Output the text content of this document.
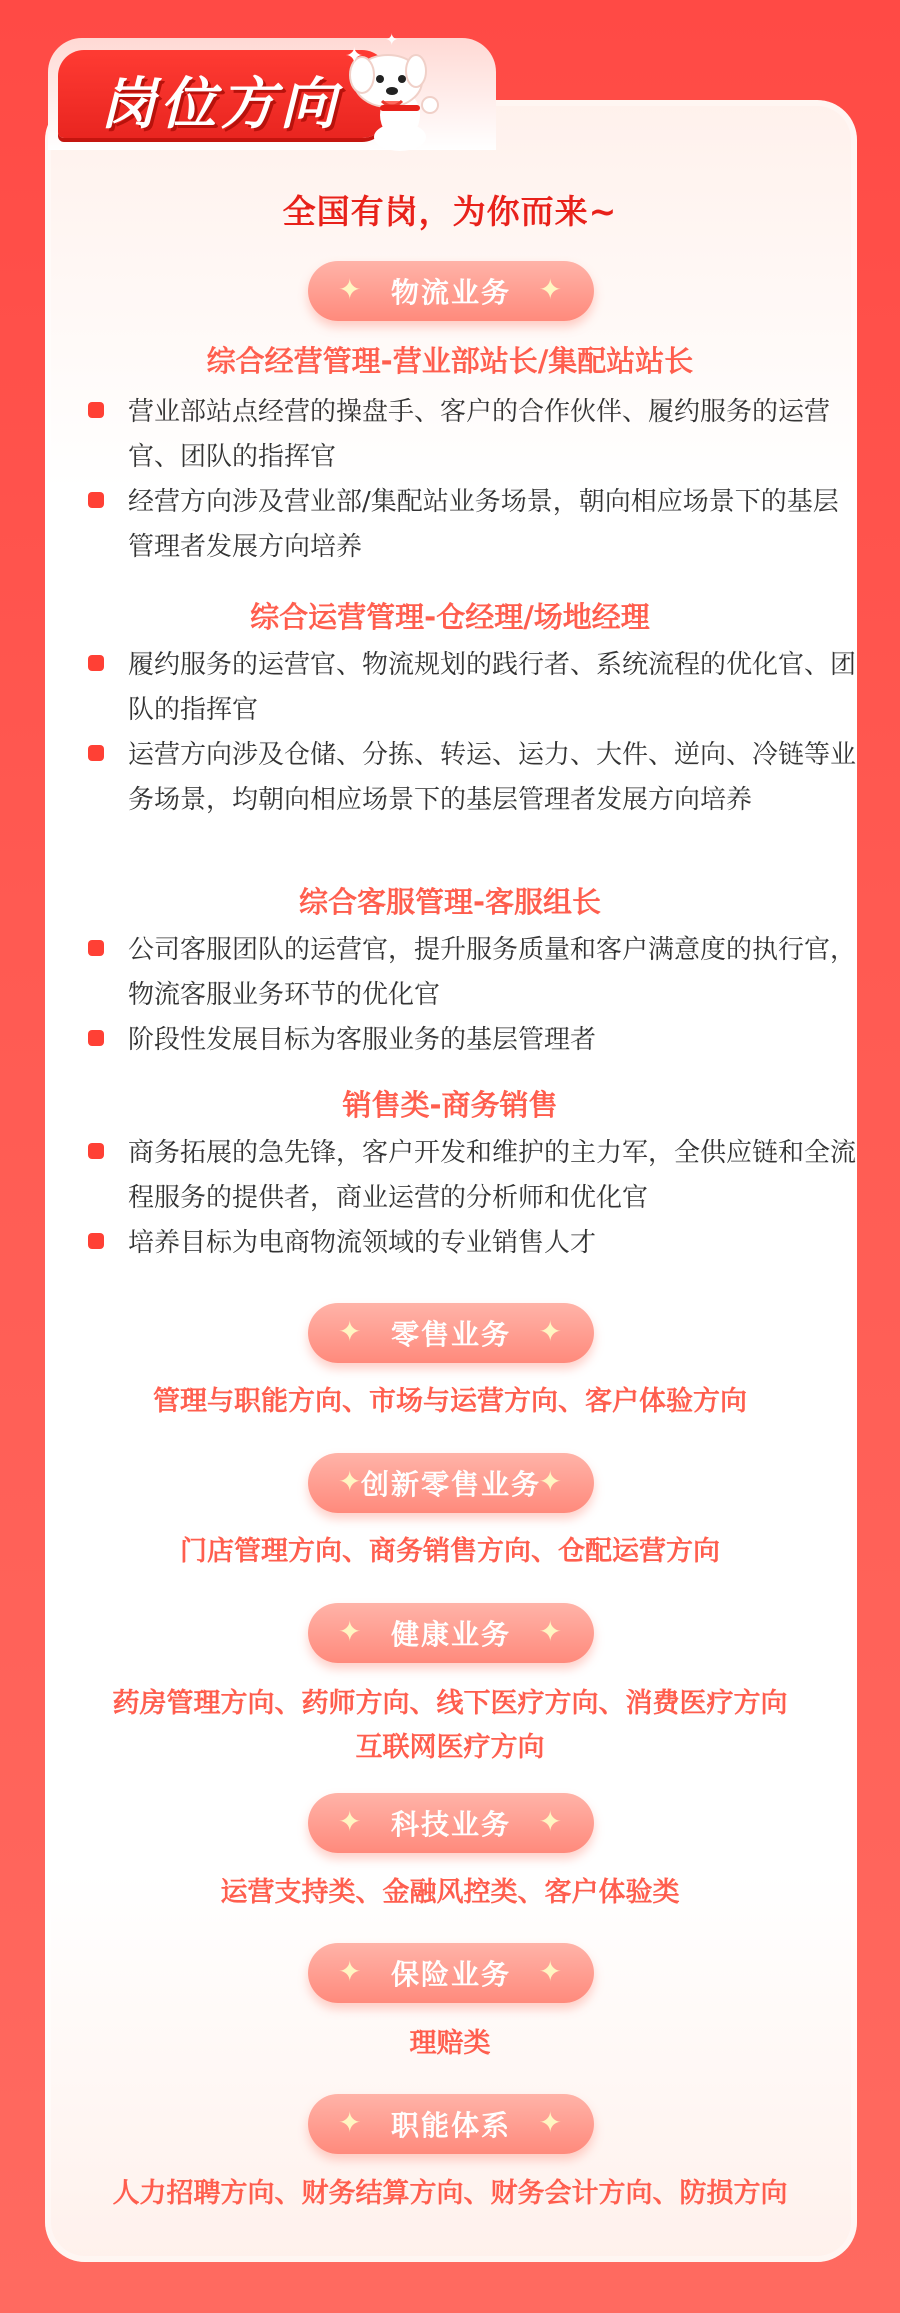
岗位方向
✦
✦
全国有岗，为你而来~
✦ 物流业务 ✦
综合经营管理-营业部站长/集配站站长
营业部站点经营的操盘手、客户的合作伙伴、履约服务的运营官、团队的指挥官
经营方向涉及营业部/集配站业务场景，朝向相应场景下的基层管理者发展方向培养
综合运营管理-仓经理/场地经理
履约服务的运营官、物流规划的践行者、系统流程的优化官、团队的指挥官
运营方向涉及仓储、分拣、转运、运力、大件、逆向、冷链等业务场景，均朝向相应场景下的基层管理者发展方向培养
综合客服管理-客服组长
公司客服团队的运营官，提升服务质量和客户满意度的执行官，物流客服业务环节的优化官
阶段性发展目标为客服业务的基层管理者
销售类-商务销售
商务拓展的急先锋，客户开发和维护的主力军，全供应链和全流程服务的提供者，商业运营的分析师和优化官
培养目标为电商物流领域的专业销售人才
✦ 零售业务 ✦
管理与职能方向、市场与运营方向、客户体验方向
✦
创新零售业务
✦
门店管理方向、商务销售方向、仓配运营方向
✦ 健康业务 ✦
药房管理方向、药师方向、线下医疗方向、消费医疗方向
互联网医疗方向
✦ 科技业务 ✦
运营支持类、金融风控类、客户体验类
✦ 保险业务 ✦
理赔类
✦ 职能体系 ✦
人力招聘方向、财务结算方向、财务会计方向、防损方向
